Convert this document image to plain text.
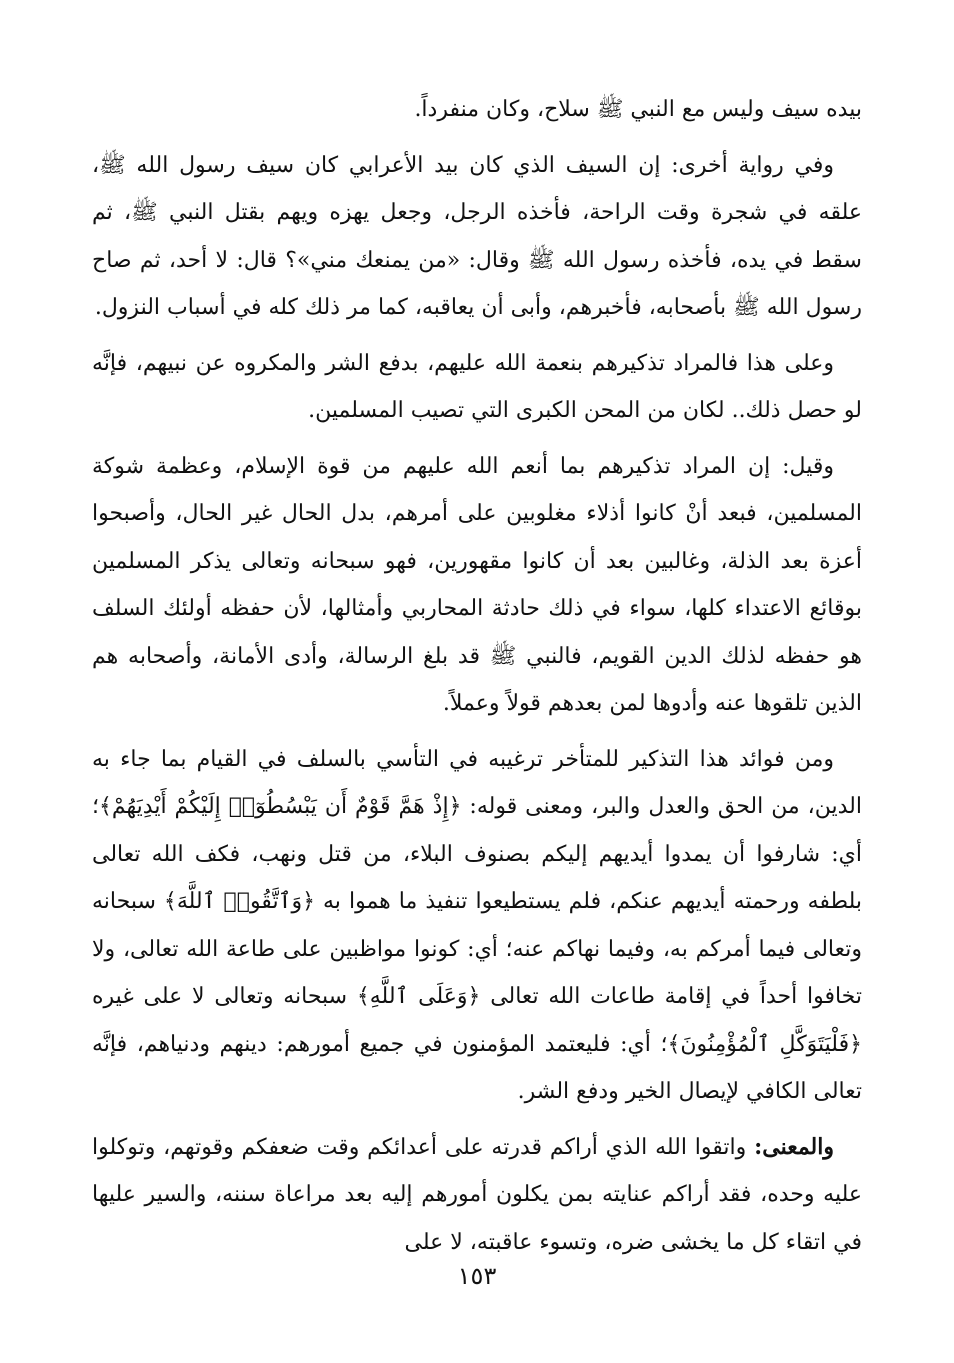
بيده سيف وليس مع النبي ﷺ سلاح، وكان منفرداً.

وفي رواية أخرى: إن السيف الذي كان بيد الأعرابي كان سيف رسول الله ﷺ، علقه في شجرة وقت الراحة، فأخذه الرجل، وجعل يهزه ويهم بقتل النبي ﷺ، ثم سقط في يده، فأخذه رسول الله ﷺ وقال: «من يمنعك مني»؟ قال: لا أحد، ثم صاح رسول الله ﷺ بأصحابه، فأخبرهم، وأبى أن يعاقبه، كما مر ذلك كله في أسباب النزول.

وعلى هذا فالمراد تذكيرهم بنعمة الله عليهم، بدفع الشر والمكروه عن نبيهم، فإنَّه لو حصل ذلك.. لكان من المحن الكبرى التي تصيب المسلمين.

وقيل: إن المراد تذكيرهم بما أنعم الله عليهم من قوة الإسلام، وعظمة شوكة المسلمين، فبعد أنْ كانوا أذلاء مغلوبين على أمرهم، بدل الحال غير الحال، وأصبحوا أعزة بعد الذلة، وغالبين بعد أن كانوا مقهورين، فهو سبحانه وتعالى يذكر المسلمين بوقائع الاعتداء كلها، سواء في ذلك حادثة المحاربي وأمثالها، لأن حفظه أولئك السلف هو حفظه لذلك الدين القويم، فالنبي ﷺ قد بلغ الرسالة، وأدى الأمانة، وأصحابه هم الذين تلقوها عنه وأدوها لمن بعدهم قولاً وعملاً.

ومن فوائد هذا التذكير للمتأخر ترغيبه في التأسي بالسلف في القيام بما جاء به الدين، من الحق والعدل والبر، ومعنى قوله: ﴿إِذْ هَمَّ قَوْمٌ أَن يَبْسُطُوٓا۟ إِلَيْكُمْ أَيْدِيَهُمْ﴾؛ أي: شارفوا أن يمدوا أيديهم إليكم بصنوف البلاء، من قتل ونهب، فكف الله تعالى بلطفه ورحمته أيديهم عنكم، فلم يستطيعوا تنفيذ ما هموا به ﴿وَٱتَّقُوا۟ ٱللَّهَ﴾ سبحانه وتعالى فيما أمركم به، وفيما نهاكم عنه؛ أي: كونوا مواظبين على طاعة الله تعالى، ولا تخافوا أحداً في إقامة طاعات الله تعالى ﴿وَعَلَى ٱللَّهِ﴾ سبحانه وتعالى لا على غيره ﴿فَلْيَتَوَكَّلِ ٱلْمُؤْمِنُونَ﴾؛ أي: فليعتمد المؤمنون في جميع أمورهم: دينهم ودنياهم، فإنَّه تعالى الكافي لإيصال الخير ودفع الشر.

والمعنى: واتقوا الله الذي أراكم قدرته على أعدائكم وقت ضعفكم وقوتهم، وتوكلوا عليه وحده، فقد أراكم عنايته بمن يكلون أمورهم إليه بعد مراعاة سننه، والسير عليها في اتقاء كل ما يخشى ضره، وتسوء عاقبته، لا على

١٥٣
